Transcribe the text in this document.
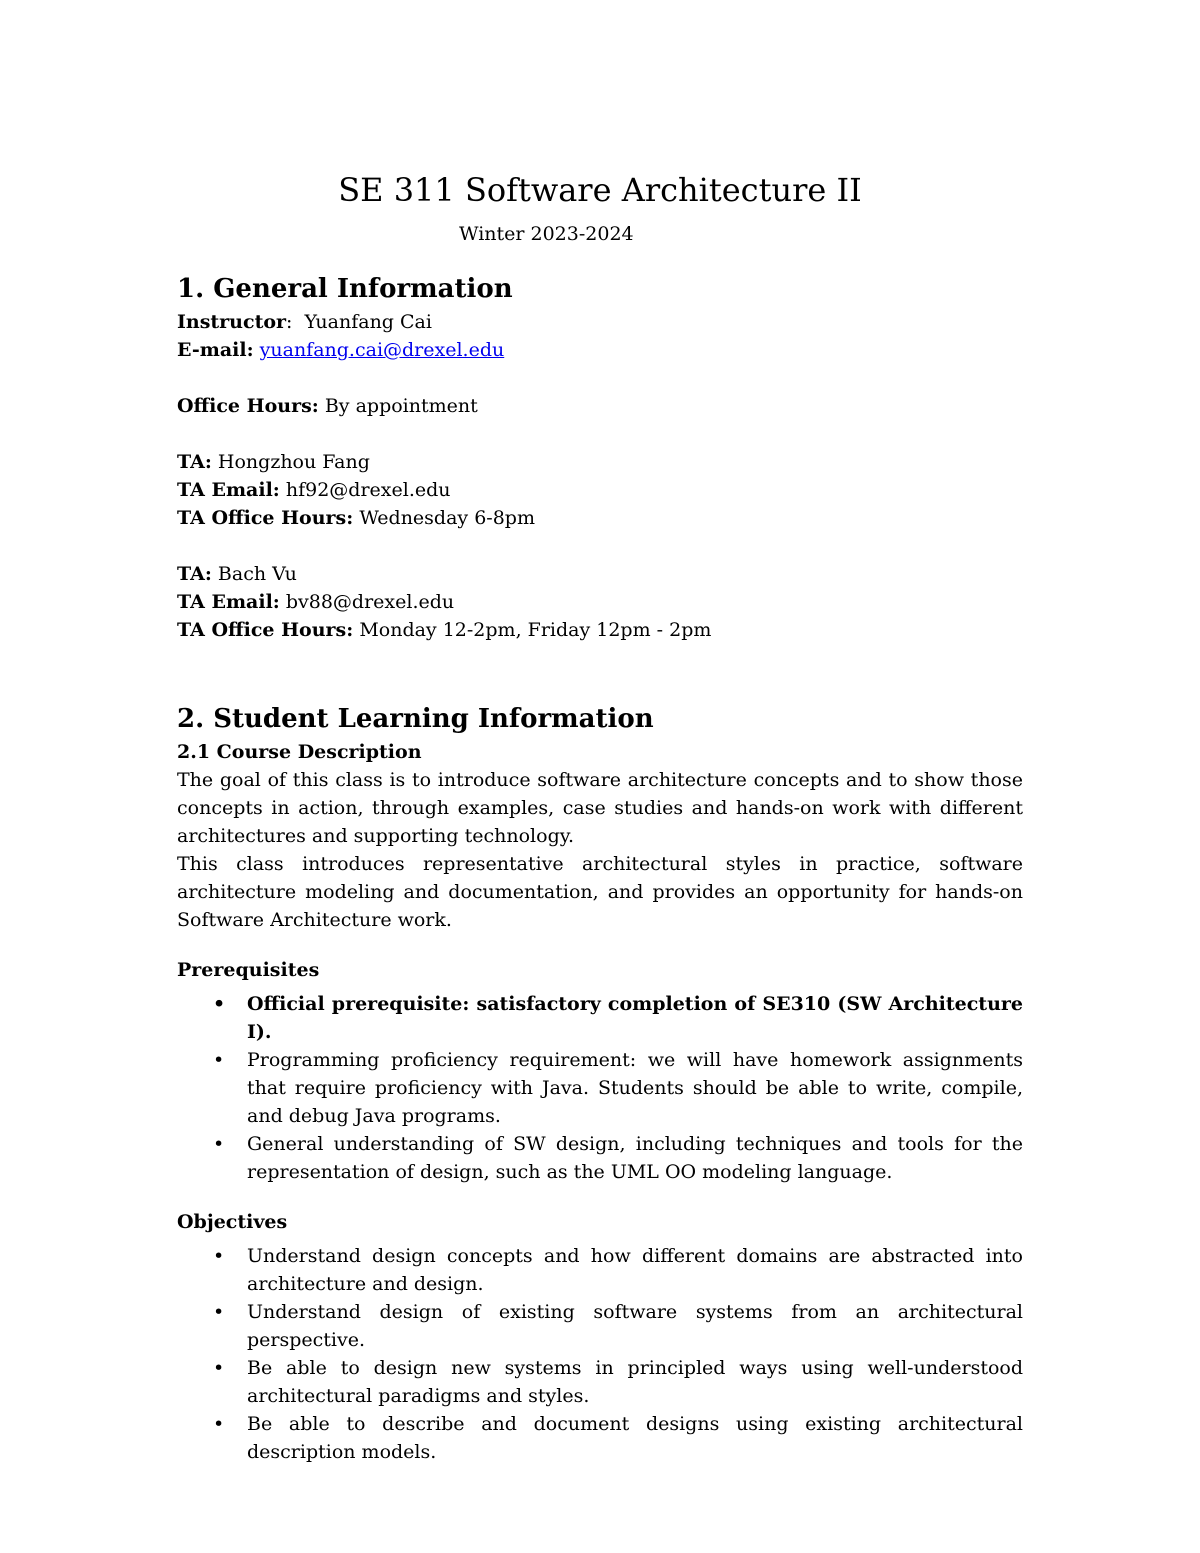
SE 311 Software Architecture II
Winter 2023-2024
1. General Information

Instructor:  Yuanfang Cai

E-mail: yuanfang.cai@drexel.edu

Office Hours: By appointment

TA: Hongzhou Fang

TA Email: hf92@drexel.edu

TA Office Hours: Wednesday 6-8pm

TA: Bach Vu

TA Email: bv88@drexel.edu

TA Office Hours: Monday 12-2pm, Friday 12pm - 2pm

2. Student Learning Information
2.1 Course Description

The goal of this class is to introduce software architecture concepts and to show those concepts in action, through examples, case studies and hands-on work with different architectures and supporting technology.

This class introduces representative architectural styles in practice, software architecture modeling and documentation, and provides an opportunity for hands-on Software Architecture work.

Prerequisites
• Official prerequisite: satisfactory completion of SE310 (SW Architecture I).
• Programming proficiency requirement: we will have homework assignments that require proficiency with Java. Students should be able to write, compile, and debug Java programs.
• General understanding of SW design, including techniques and tools for the representation of design, such as the UML OO modeling language.
Objectives
• Understand design concepts and how different domains are abstracted into architecture and design.
• Understand design of existing software systems from an architectural perspective.
• Be able to design new systems in principled ways using well-understood architectural paradigms and styles.
• Be able to describe and document designs using existing architectural description models.
